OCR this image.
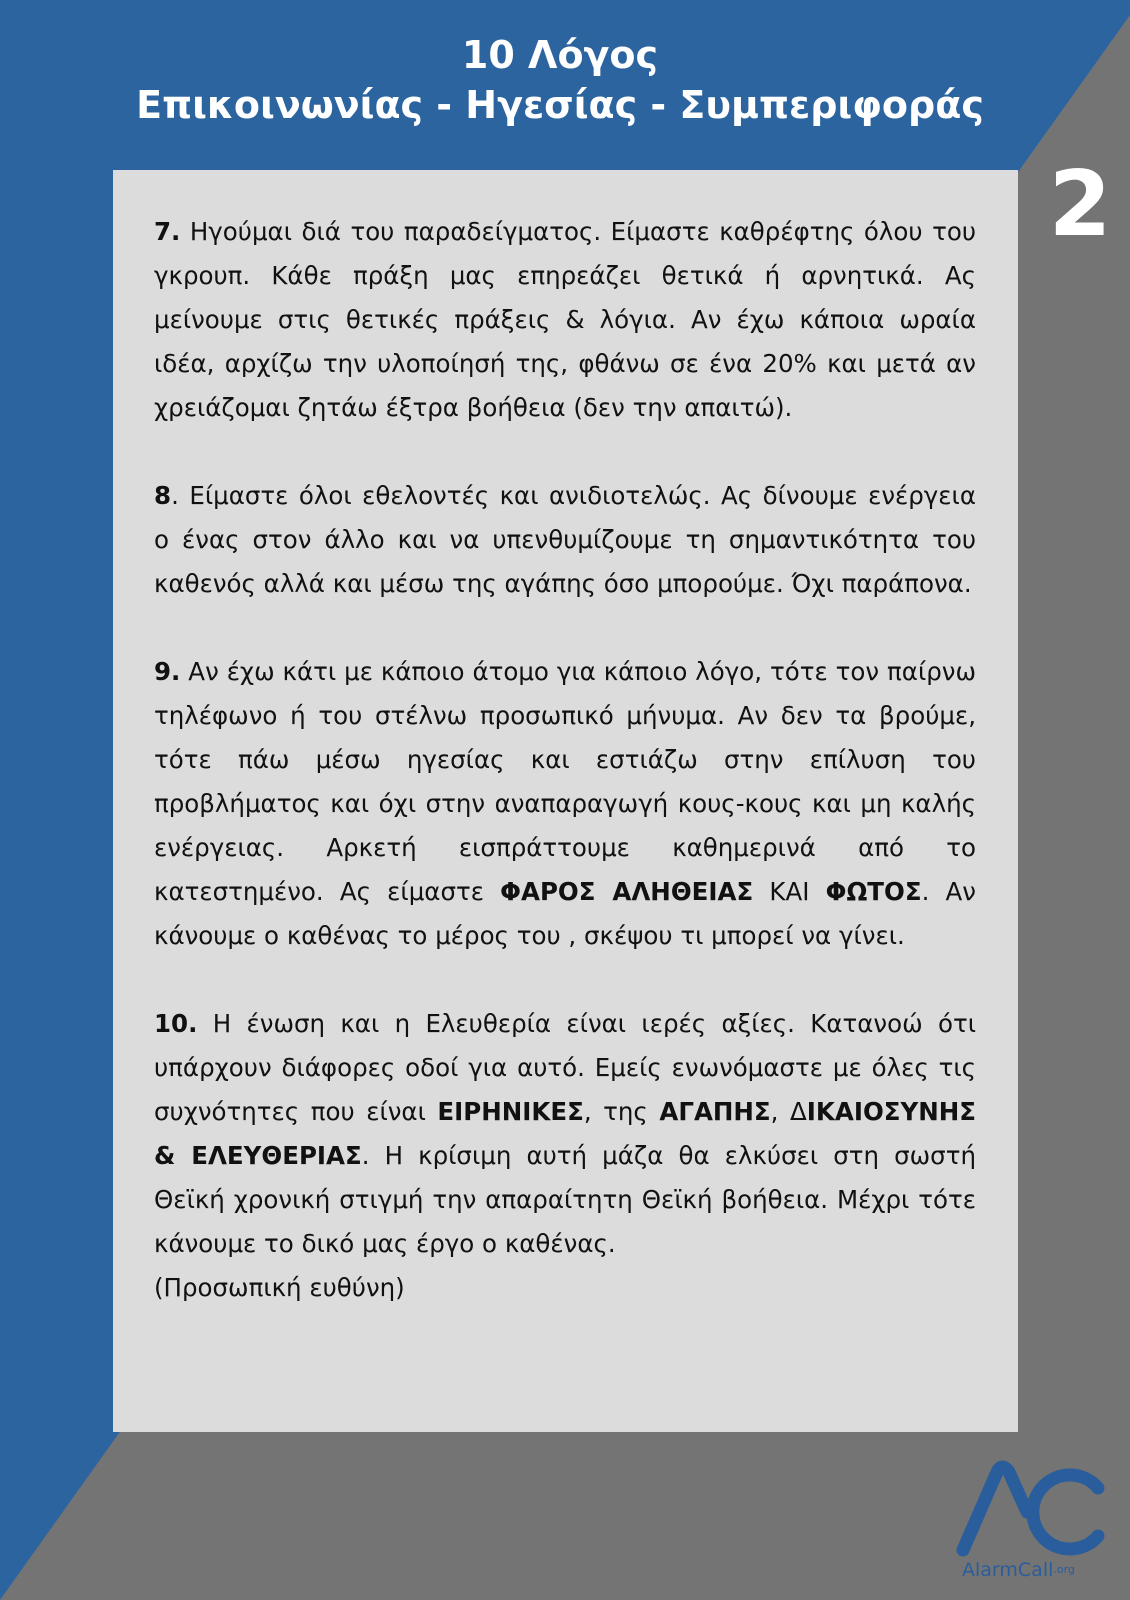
10 Λόγος
Επικοινωνίας - Ηγεσίας - Συμπεριφοράς
2

7. Ηγούμαι διά του παραδείγματος. Είμαστε καθρέφτης όλου του γκρουπ. Κάθε πράξη μας επηρεάζει θετικά ή αρνητικά. Ας μείνουμε στις θετικές πράξεις & λόγια. Αν έχω κάποια ωραία ιδέα, αρχίζω την υλοποίησή της, φθάνω σε ένα 20% και μετά αν χρειάζομαι ζητάω έξτρα βοήθεια (δεν την απαιτώ).

8. Είμαστε όλοι εθελοντές και ανιδιοτελώς. Ας δίνουμε ενέργεια ο ένας στον άλλο και να υπενθυμίζουμε τη σημαντικότητα του καθενός αλλά και μέσω της αγάπης όσο μπορούμε. Όχι παράπονα.

9. Αν έχω κάτι με κάποιο άτομο για κάποιο λόγο, τότε τον παίρνω τηλέφωνο ή του στέλνω προσωπικό μήνυμα. Αν δεν τα βρούμε, τότε πάω μέσω ηγεσίας και εστιάζω στην επίλυση του προβλήματος και όχι στην αναπαραγωγή κους-κους και μη καλής ενέργειας. Αρκετή εισπράττουμε καθημερινά από το κατεστημένο. Ας είμαστε ΦΑΡΟΣ ΑΛΗΘΕΙΑΣ ΚΑΙ ΦΩΤΟΣ. Αν κάνουμε ο καθένας το μέρος του , σκέψου τι μπορεί να γίνει.

10. Η ένωση και η Ελευθερία είναι ιερές αξίες. Κατανοώ ότι υπάρχουν διάφορες οδοί για αυτό. Εμείς ενωνόμαστε με όλες τις συχνότητες που είναι ΕΙΡΗΝΙΚΕΣ, της ΑΓΑΠΗΣ, ΔΙΚΑΙΟΣΥΝΗΣ & ΕΛΕΥΘΕΡΙΑΣ. Η κρίσιμη αυτή μάζα θα ελκύσει στη σωστή Θεϊκή χρονική στιγμή την απαραίτητη Θεϊκή βοήθεια. Μέχρι τότε κάνουμε το δικό μας έργο ο καθένας.
(Προσωπική ευθύνη)

AlarmCall$^{.org}$
